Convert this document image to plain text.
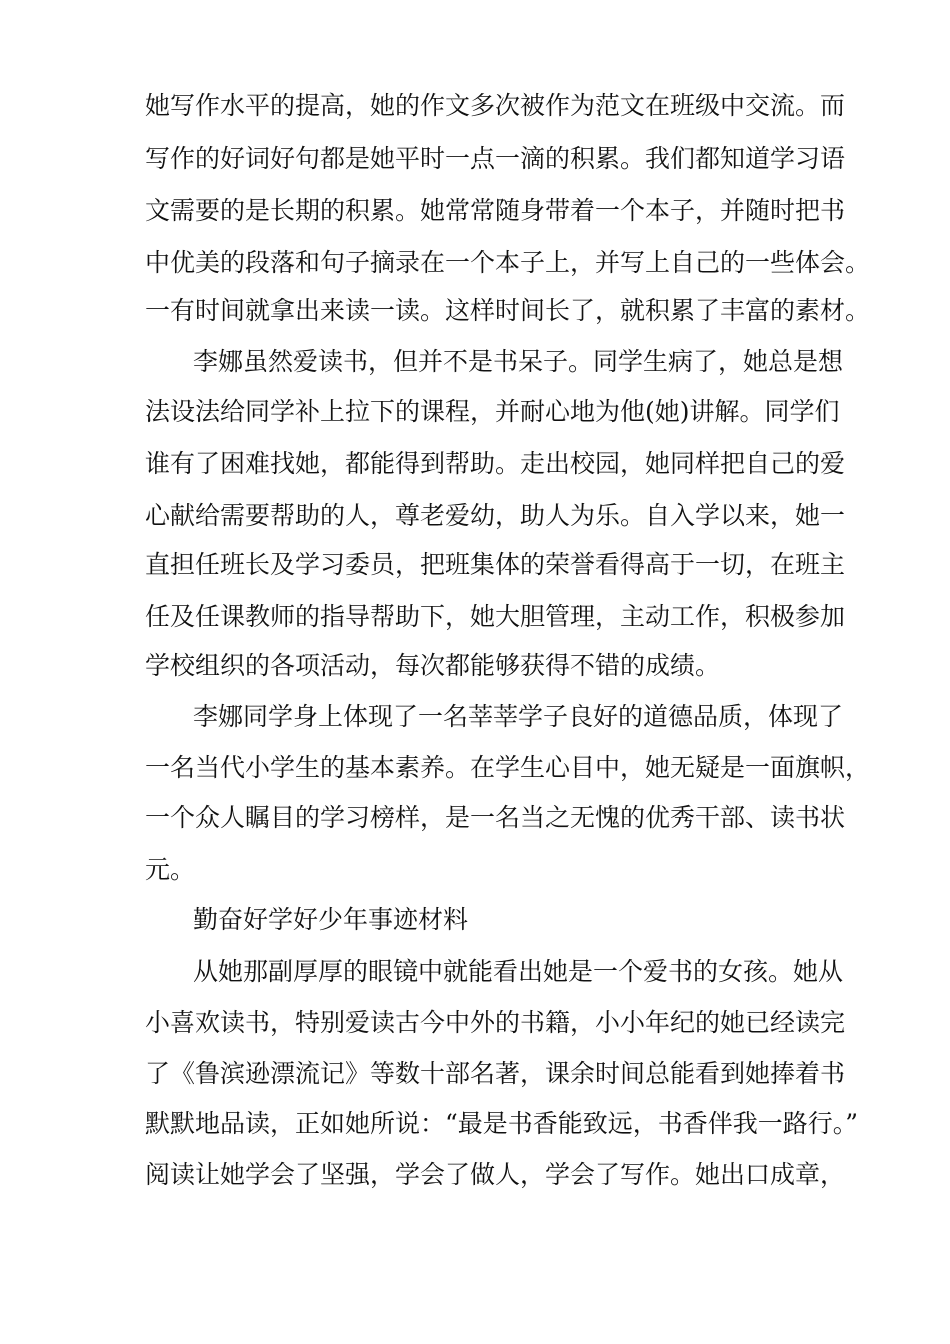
她写作水平的提高，她的作文多次被作为范文在班级中交流。而
写作的好词好句都是她平时一点一滴的积累。我们都知道学习语
文需要的是长期的积累。她常常随身带着一个本子，并随时把书
中优美的段落和句子摘录在一个本子上，并写上自己的一些体会。
一有时间就拿出来读一读。这样时间长了，就积累了丰富的素材。
李娜虽然爱读书，但并不是书呆子。同学生病了，她总是想
法设法给同学补上拉下的课程，并耐心地为他(她)讲解。同学们
谁有了困难找她，都能得到帮助。走出校园，她同样把自己的爱
心献给需要帮助的人，尊老爱幼，助人为乐。自入学以来，她一
直担任班长及学习委员，把班集体的荣誉看得高于一切，在班主
任及任课教师的指导帮助下，她大胆管理，主动工作，积极参加
学校组织的各项活动，每次都能够获得不错的成绩。
李娜同学身上体现了一名莘莘学子良好的道德品质，体现了
一名当代小学生的基本素养。在学生心目中，她无疑是一面旗帜，
一个众人瞩目的学习榜样，是一名当之无愧的优秀干部、读书状
元。
勤奋好学好少年事迹材料
从她那副厚厚的眼镜中就能看出她是一个爱书的女孩。她从
小喜欢读书，特别爱读古今中外的书籍，小小年纪的她已经读完
了《鲁滨逊漂流记》等数十部名著，课余时间总能看到她捧着书
默默地品读，正如她所说：“最是书香能致远，书香伴我一路行。”
阅读让她学会了坚强，学会了做人，学会了写作。她出口成章，
